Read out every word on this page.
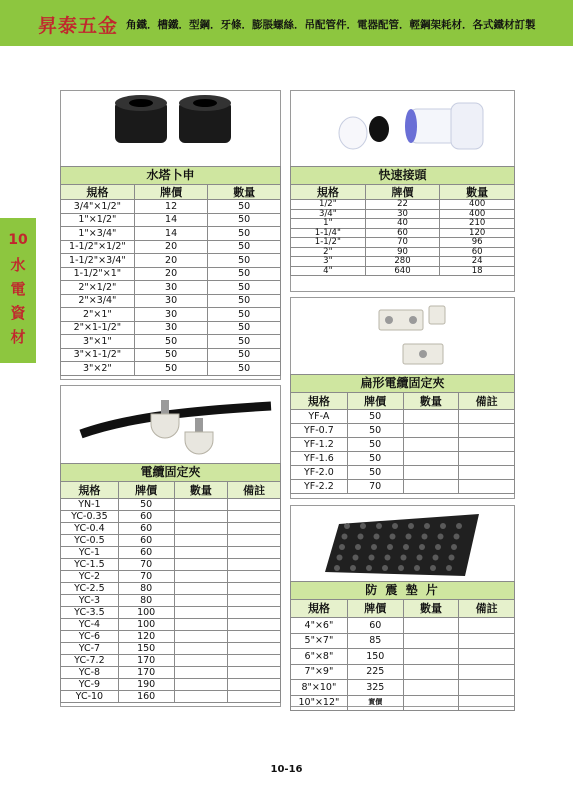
昇泰五金 角鐵．槽鐵．型鋼．牙條．膨脹螺絲．吊配管件．電器配管．輕鋼架耗材．各式鐵材訂製
10
水
電
資
材
水塔卜申
規格	牌價	數量
3/4"×1/2"	12	50
1"×1/2"	14	50
1"×3/4"	14	50
1-1/2"×1/2"	20	50
1-1/2"×3/4"	20	50
1-1/2"×1"	20	50
2"×1/2"	30	50
2"×3/4"	30	50
2"×1"	30	50
2"×1-1/2"	30	50
3"×1"	50	50
3"×1-1/2"	50	50
3"×2"	50	50
快速接頭
規格	牌價	數量
1/2"	22	400
3/4"	30	400
1"	40	210
1-1/4"	60	120
1-1/2"	70	96
2"	90	60
3"	280	24
4"	640	18
扁形電纜固定夾
規格	牌價	數量	備註
YF-A	50		
YF-0.7	50		
YF-1.2	50		
YF-1.6	50		
YF-2.0	50		
YF-2.2	70		
電纜固定夾
規格	牌價	數量	備註
YN-1	50		
YC-0.35	60		
YC-0.4	60		
YC-0.5	60		
YC-1	60		
YC-1.5	70		
YC-2	70		
YC-2.5	80		
YC-3	80		
YC-3.5	100		
YC-4	100		
YC-6	120		
YC-7	150		
YC-7.2	170		
YC-8	170		
YC-9	190		
YC-10	160		
防 震 墊 片
規格	牌價	數量	備註
4"×6"	60		
5"×7"	85		
6"×8"	150		
7"×9"	225		
8"×10"	325		
10"×12"	實價		
10-16
